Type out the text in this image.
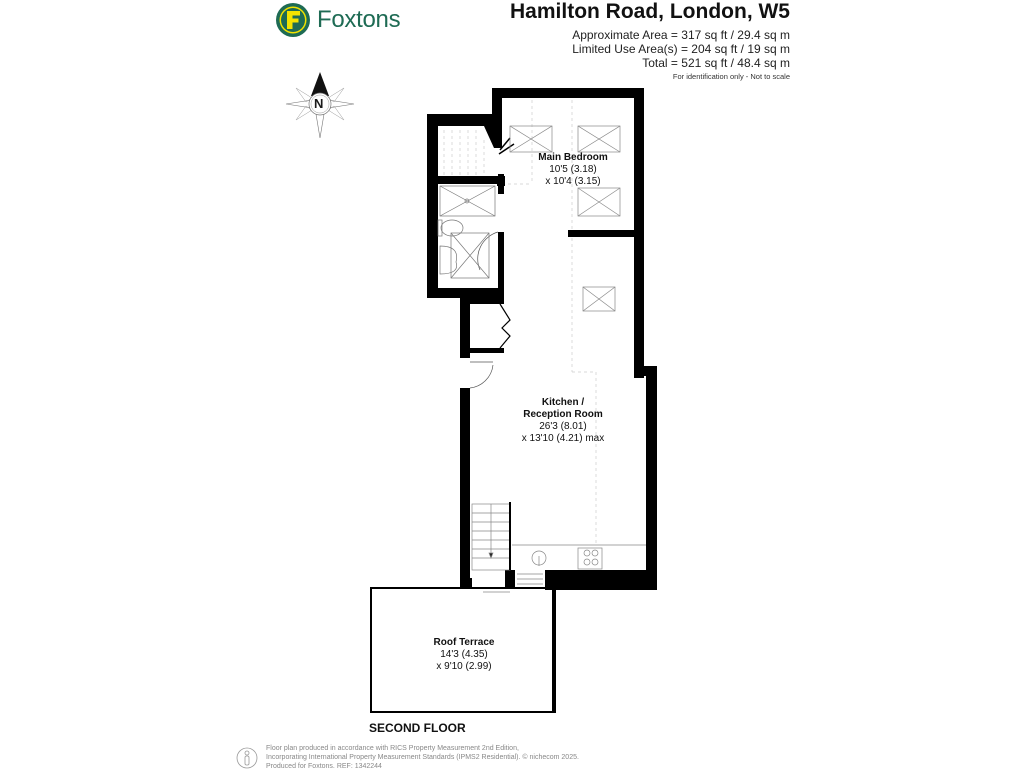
Foxtons	Hamilton Road, London, W5
Approximate Area = 317 sq ft / 29.4 sq m
Limited Use Area(s) = 204 sq ft / 19 sq m
Total = 521 sq ft / 48.4 sq m
For identification only - Not to scale
N
Main Bedroom
10'5 (3.18)
x 10'4 (3.15)
Kitchen /
Reception Room
26'3 (8.01)
x 13'10 (4.21) max
Roof Terrace
14'3 (4.35)
x 9'10 (2.99)
SECOND FLOOR
Floor plan produced in accordance with RICS Property Measurement 2nd Edition,
Incorporating International Property Measurement Standards (IPMS2 Residential). © nichecom 2025.
Produced for Foxtons. REF: 1342244
